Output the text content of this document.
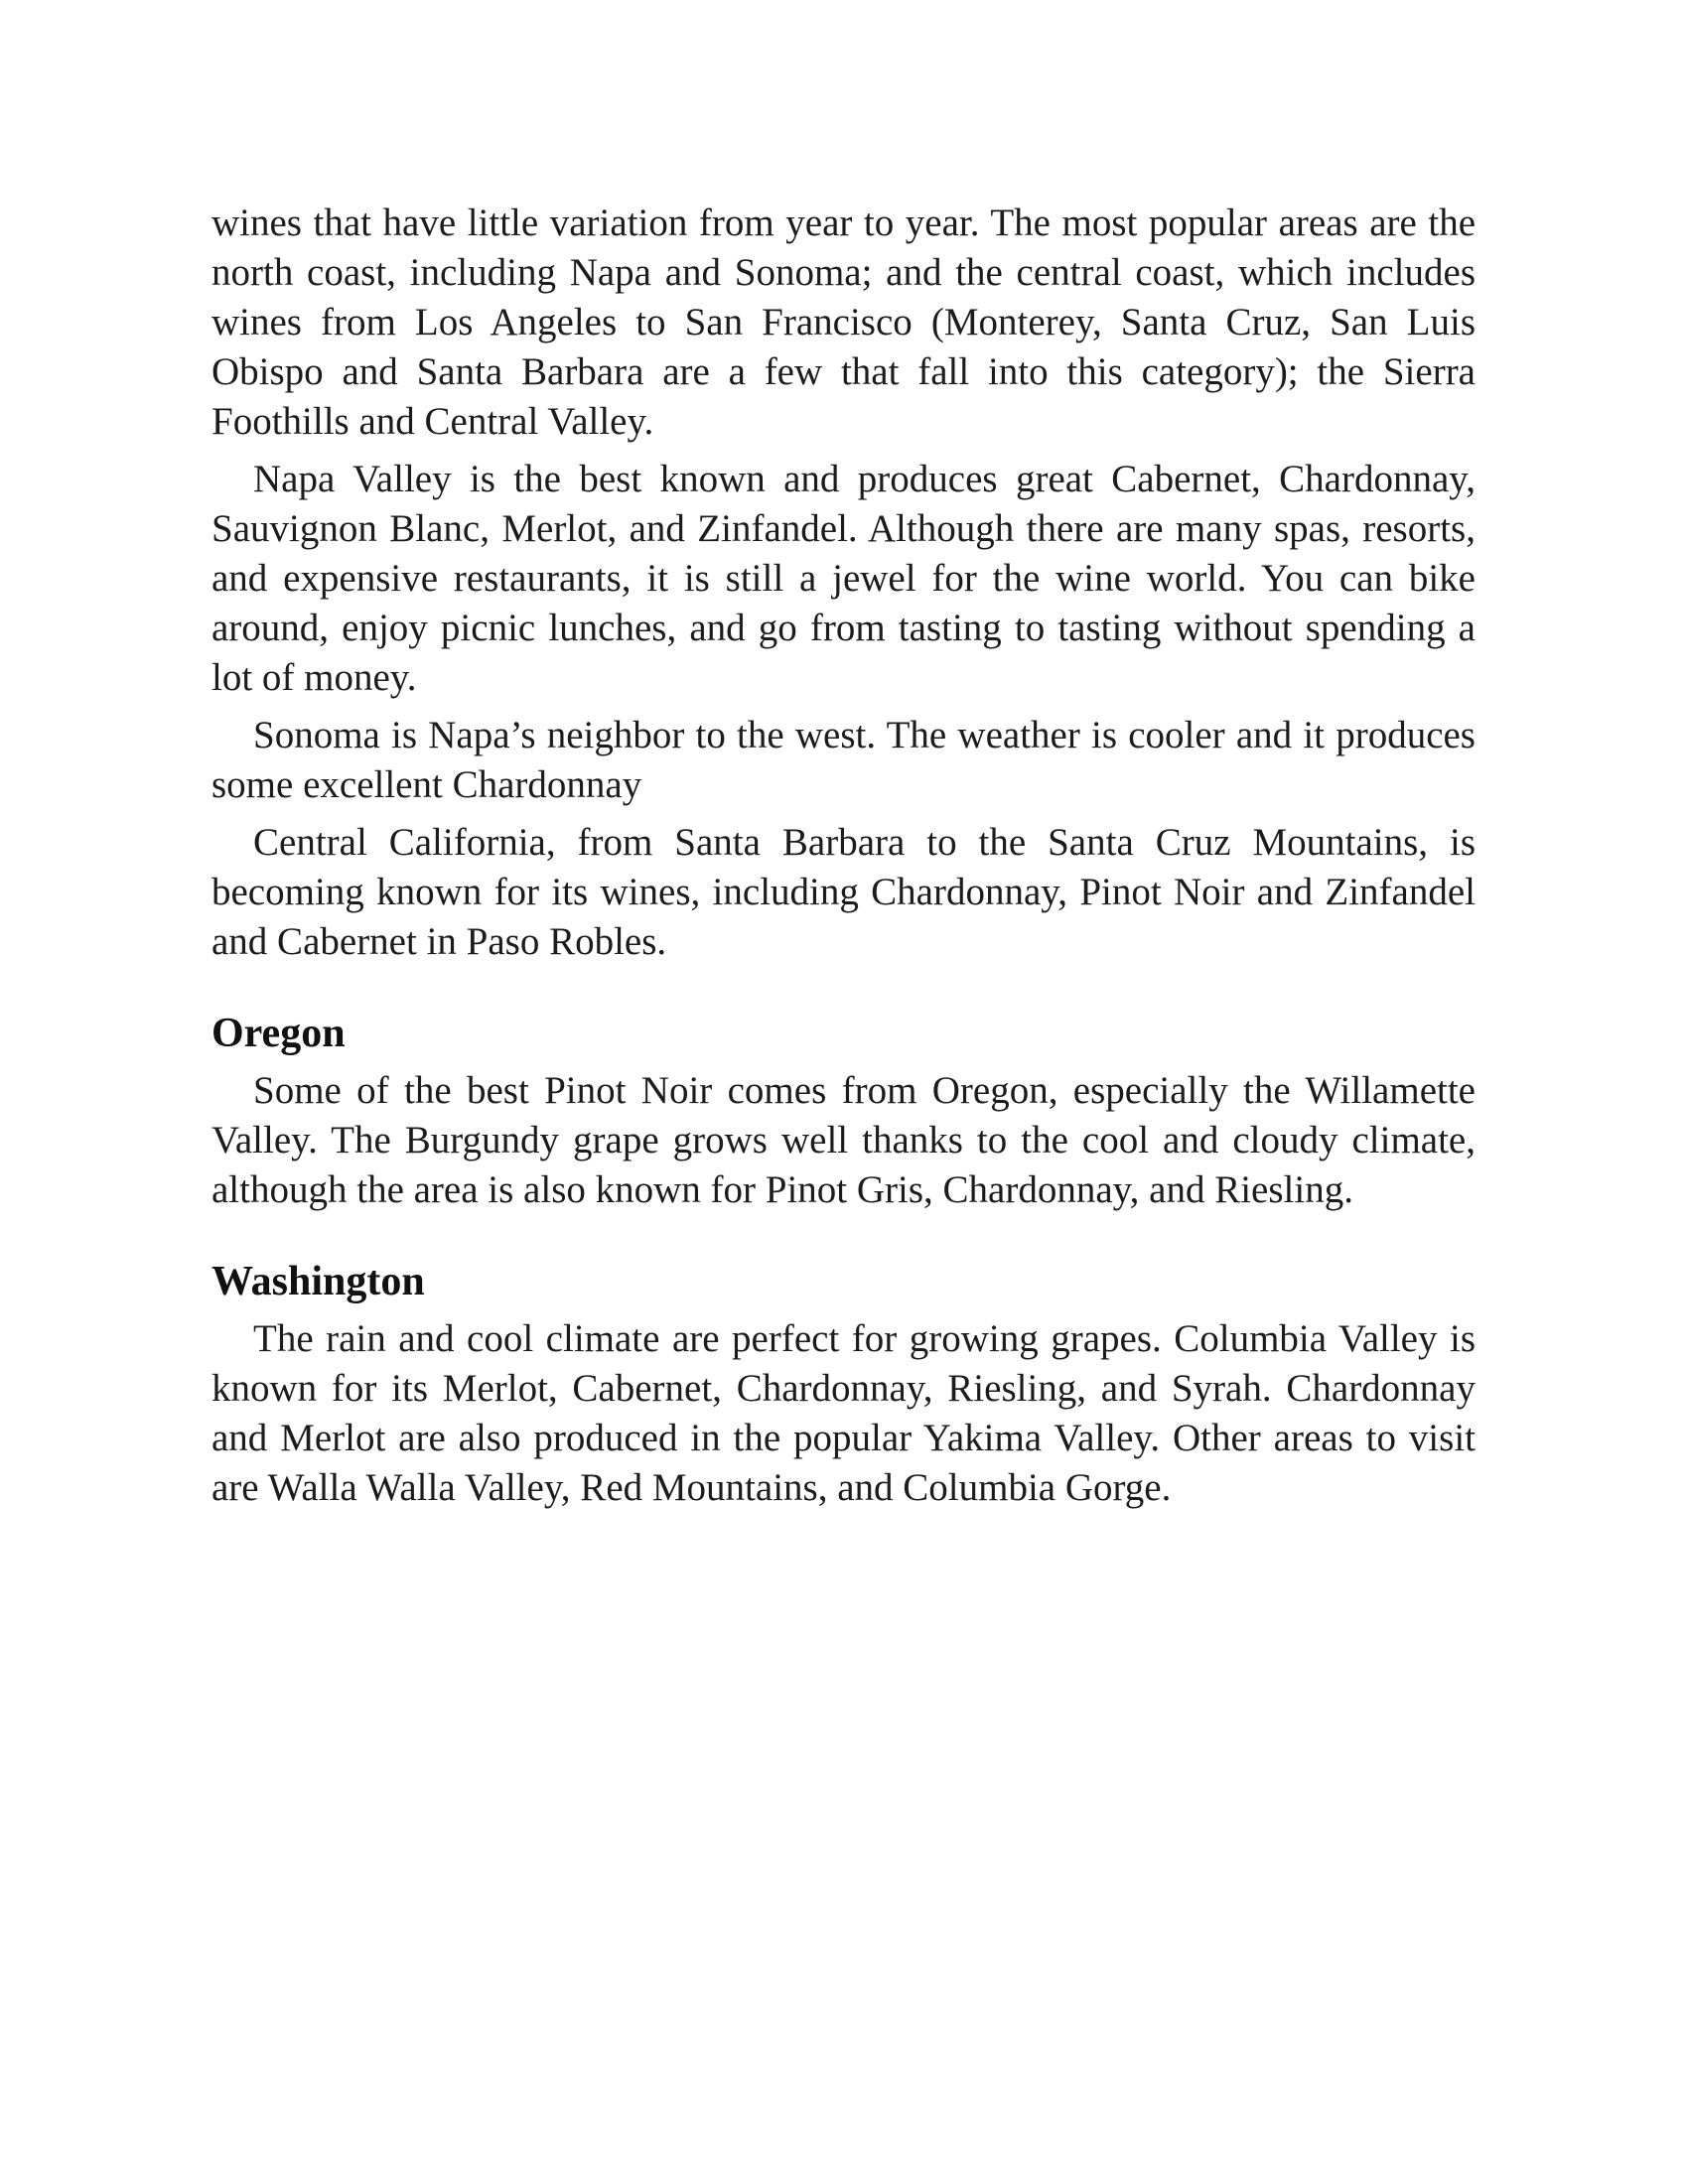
wines that have little variation from year to year. The most popular areas are the north coast, including Napa and Sonoma; and the central coast, which includes wines from Los Angeles to San Francisco (Monterey, Santa Cruz, San Luis Obispo and Santa Barbara are a few that fall into this category); the Sierra Foothills and Central Valley.

Napa Valley is the best known and produces great Cabernet, Chardonnay, Sauvignon Blanc, Merlot, and Zinfandel. Although there are many spas, resorts, and expensive restaurants, it is still a jewel for the wine world. You can bike around, enjoy picnic lunches, and go from tasting to tasting without spending a lot of money.

Sonoma is Napa’s neighbor to the west. The weather is cooler and it produces some excellent Chardonnay

Central California, from Santa Barbara to the Santa Cruz Mountains, is becoming known for its wines, including Chardonnay, Pinot Noir and Zinfandel and Cabernet in Paso Robles.

Oregon

Some of the best Pinot Noir comes from Oregon, especially the Willamette Valley. The Burgundy grape grows well thanks to the cool and cloudy climate, although the area is also known for Pinot Gris, Chardonnay, and Riesling.

Washington

The rain and cool climate are perfect for growing grapes. Columbia Valley is known for its Merlot, Cabernet, Chardonnay, Riesling, and Syrah. Chardonnay and Merlot are also produced in the popular Yakima Valley. Other areas to visit are Walla Walla Valley, Red Mountains, and Columbia Gorge.
